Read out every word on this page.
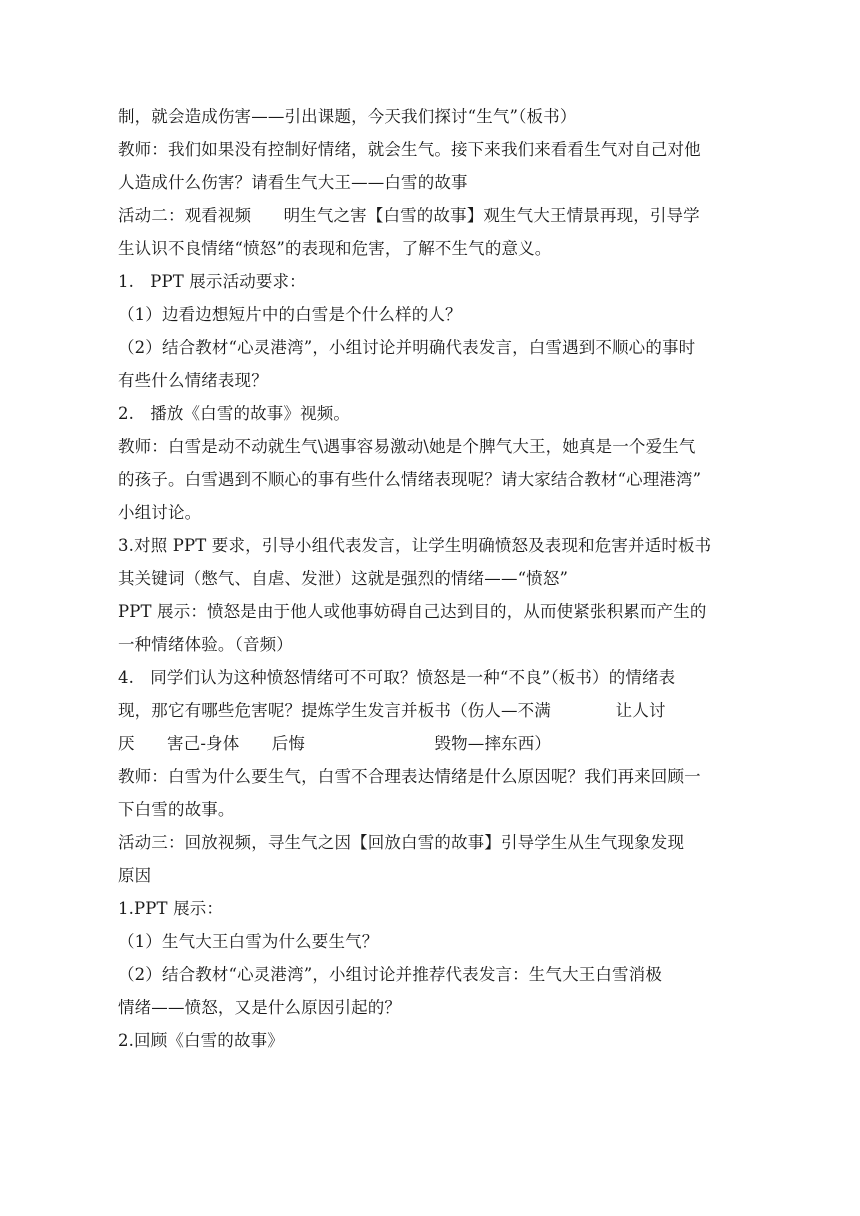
制，就会造成伤害——引出课题，今天我们探讨“生气”（板书）
教师：我们如果没有控制好情绪，就会生气。接下来我们来看看生气对自己对他
人造成什么伤害？请看生气大王——白雪的故事
活动二：观看视频      明生气之害【白雪的故事】观生气大王情景再现，引导学
生认识不良情绪“愤怒”的表现和危害，了解不生气的意义。
1.   PPT 展示活动要求：
（1）边看边想短片中的白雪是个什么样的人？
（2）结合教材“心灵港湾”，小组讨论并明确代表发言，白雪遇到不顺心的事时
有些什么情绪表现？
2.   播放《白雪的故事》视频。
教师：白雪是动不动就生气\遇事容易激动\她是个脾气大王，她真是一个爱生气
的孩子。白雪遇到不顺心的事有些什么情绪表现呢？请大家结合教材“心理港湾”
小组讨论。
3.对照 PPT 要求，引导小组代表发言，让学生明确愤怒及表现和危害并适时板书
其关键词（憋气、自虐、发泄）这就是强烈的情绪——“愤怒”
PPT 展示：愤怒是由于他人或他事妨碍自己达到目的，从而使紧张积累而产生的
一种情绪体验。（音频）
4.   同学们认为这种愤怒情绪可不可取？愤怒是一种“不良”（板书）的情绪表
现，那它有哪些危害呢？提炼学生发言并板书（伤人—不满            让人讨
厌      害己-身体      后悔                        毁物—摔东西）
教师：白雪为什么要生气，白雪不合理表达情绪是什么原因呢？我们再来回顾一
下白雪的故事。
活动三：回放视频，寻生气之因【回放白雪的故事】引导学生从生气现象发现
原因
1.PPT 展示：
（1）生气大王白雪为什么要生气？
（2）结合教材“心灵港湾”，小组讨论并推荐代表发言：生气大王白雪消极
情绪——愤怒，又是什么原因引起的？
2.回顾《白雪的故事》
